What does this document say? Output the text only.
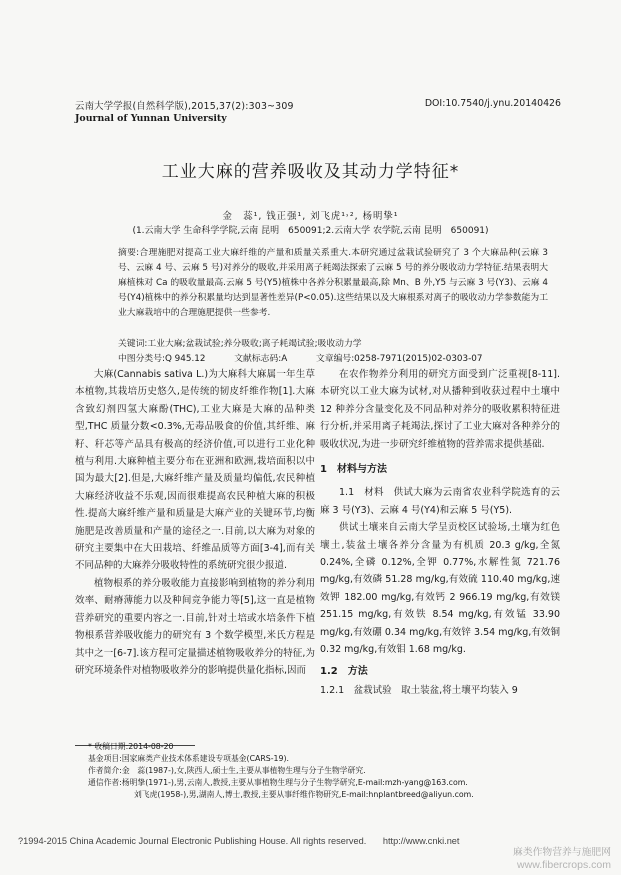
云南大学学报(自然科学版),2015,37(2):303~309
Journal of Yunnan University
DOI:10.7540/j.ynu.20140426
工业大麻的营养吸收及其动力学特征*
金　蕊¹, 钱正强¹, 刘飞虎¹˒², 杨明挚¹
(1.云南大学 生命科学学院,云南 昆明　650091;2.云南大学 农学院,云南 昆明　650091)
摘要:合理施肥对提高工业大麻纤维的产量和质量关系重大.本研究通过盆栽试验研究了 3 个大麻品种(云麻 3 号、云麻 4 号、云麻 5 号)对养分的吸收,并采用离子耗竭法探索了云麻 5 号的养分吸收动力学特征.结果表明大麻植株对 Ca 的吸收量最高.云麻 5 号(Y5)植株中各养分积累量最高,除 Mn、B 外,Y5 与云麻 3 号(Y3)、云麻 4 号(Y4)植株中的养分积累量均达到显著性差异(P<0.05).这些结果以及大麻根系对离子的吸收动力学参数能为工业大麻栽培中的合理施肥提供一些参考.
关键词:工业大麻;盆栽试验;养分吸收;离子耗竭试验;吸收动力学
中图分类号:Q 945.12	文献标志码:A	文章编号:0258-7971(2015)02-0303-07

大麻(Cannabis sativa L.)为大麻科大麻属一年生草本植物,其栽培历史悠久,是传统的韧皮纤维作物[1].大麻含致幻剂四氢大麻酚(THC),工业大麻是大麻的品种类型,THC 质量分数<0.3%,无毒品吸食的价值,其纤维、麻籽、秆芯等产品具有极高的经济价值,可以进行工业化种植与利用.大麻种植主要分布在亚洲和欧洲,栽培面积以中国为最大[2].但是,大麻纤维产量及质量均偏低,农民种植大麻经济收益不乐观,因而很难提高农民种植大麻的积极性.提高大麻纤维产量和质量是大麻产业的关键环节,均衡施肥是改善质量和产量的途径之一.目前,以大麻为对象的研究主要集中在大田栽培、纤维品质等方面[3-4],而有关不同品种的大麻养分吸收特性的系统研究很少报道.

植物根系的养分吸收能力直接影响到植物的养分利用效率、耐瘠薄能力以及种间竞争能力等[5],这一直是植物营养研究的重要内容之一.目前,针对土培或水培条件下植物根系营养吸收能力的研究有 3 个数学模型,米氏方程是其中之一[6-7].该方程可定量描述植物吸收养分的特征,为研究环境条件对植物吸收养分的影响提供量化指标,因而

在农作物养分利用的研究方面受到广泛重视[8-11].本研究以工业大麻为试材,对从播种到收获过程中土壤中 12 种养分含量变化及不同品种对养分的吸收累积特征进行分析,并采用离子耗竭法,探讨了工业大麻对各种养分的吸收状况,为进一步研究纤维植物的营养需求提供基础.

1　材料与方法

1.1　材料　供试大麻为云南省农业科学院选育的云麻 3 号(Y3)、云麻 4 号(Y4)和云麻 5 号(Y5).

供试土壤来自云南大学呈贡校区试验场,土壤为红色壤土,装盆土壤各养分含量为有机质 20.3 g/kg,全氮 0.24%,全磷 0.12%,全钾 0.77%,水解性氮 721.76 mg/kg,有效磷 51.28 mg/kg,有效硫 110.40 mg/kg,速效钾 182.00 mg/kg,有效钙 2 966.19 mg/kg,有效镁 251.15 mg/kg,有效铁 8.54 mg/kg,有效锰 33.90 mg/kg,有效硼 0.34 mg/kg,有效锌 3.54 mg/kg,有效铜 0.32 mg/kg,有效钼 1.68 mg/kg.

1.2　方法

1.2.1　盆栽试验　取土装盆,将土壤平均装入 9

* 收稿日期:2014-08-20
基金项目:国家麻类产业技术体系建设专项基金(CARS-19).
作者简介:金　蕊(1987-),女,陕西人,硕士生,主要从事植物生理与分子生物学研究.
通信作者:杨明挚(1971-),男,云南人,教授,主要从事植物生理与分子生物学研究,E-mail:mzh-yang@163.com.
刘飞虎(1958-),男,湖南人,博士,教授,主要从事纤维作物研究,E-mail:hnplantbreed@aliyun.com.
?1994-2015 China Academic Journal Electronic Publishing House. All rights reserved. http://www.cnki.net
麻类作物营养与施肥网
www.fibercrops.com
